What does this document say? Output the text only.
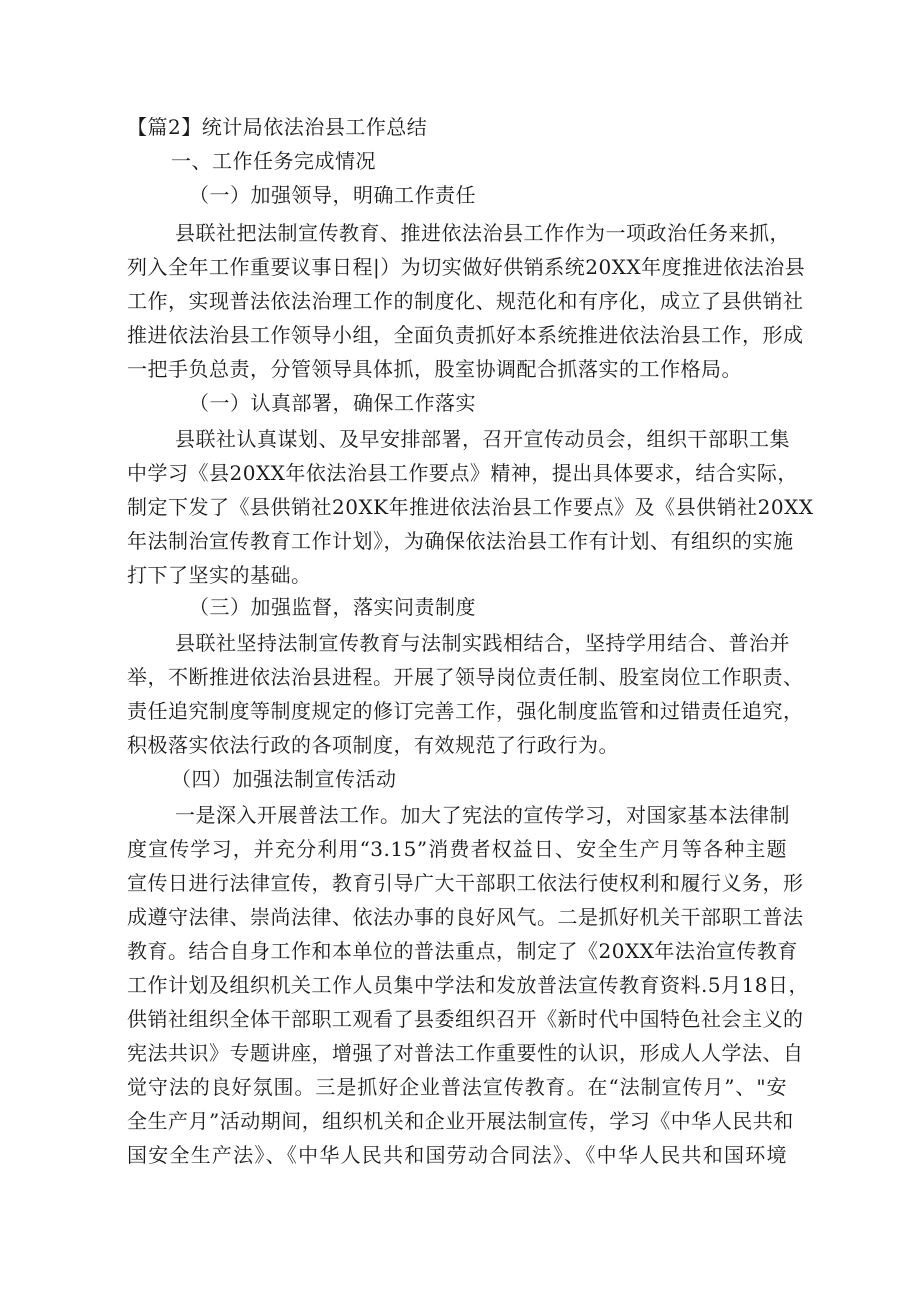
【篇2】统计局依法治县工作总结
一、工作任务完成情况
（一）加强领导，明确工作责任
县联社把法制宣传教育、推进依法治县工作作为一项政治任务来抓，
列入全年工作重要议事日程|）为切实做好供销系统20XX年度推进依法治县
工作，实现普法依法治理工作的制度化、规范化和有序化，成立了县供销社
推进依法治县工作领导小组，全面负责抓好本系统推进依法治县工作，形成
一把手负总责，分管领导具体抓，股室协调配合抓落实的工作格局。
（一）认真部署，确保工作落实
县联社认真谋划、及早安排部署，召开宣传动员会，组织干部职工集
中学习《县20XX年依法治县工作要点》精神，提出具体要求，结合实际，
制定下发了《县供销社20XK年推进依法治县工作要点》及《县供销社20XX
年法制治宣传教育工作计划》，为确保依法治县工作有计划、有组织的实施
打下了坚实的基础。
（三）加强监督，落实问责制度
县联社坚持法制宣传教育与法制实践相结合，坚持学用结合、普治并
举，不断推进依法治县进程。开展了领导岗位责任制、股室岗位工作职责、
责任追究制度等制度规定的修订完善工作，强化制度监管和过错责任追究，
积极落实依法行政的各项制度，有效规范了行政行为。
（四）加强法制宣传活动
一是深入开展普法工作。加大了宪法的宣传学习，对国家基本法律制
度宣传学习，并充分利用“3.15”消费者权益日、安全生产月等各种主题
宣传日进行法律宣传，教育引导广大干部职工依法行使权利和履行义务，形
成遵守法律、崇尚法律、依法办事的良好风气。二是抓好机关干部职工普法
教育。结合自身工作和本单位的普法重点，制定了《20XX年法治宣传教育
工作计划及组织机关工作人员集中学法和发放普法宣传教育资料.5月18日，
供销社组织全体干部职工观看了县委组织召开《新时代中国特色社会主义的
宪法共识》专题讲座，增强了对普法工作重要性的认识，形成人人学法、自
觉守法的良好氛围。三是抓好企业普法宣传教育。在“法制宣传月”、"安
全生产月”活动期间，组织机关和企业开展法制宣传，学习《中华人民共和
国安全生产法》、《中华人民共和国劳动合同法》、《中华人民共和国环境
